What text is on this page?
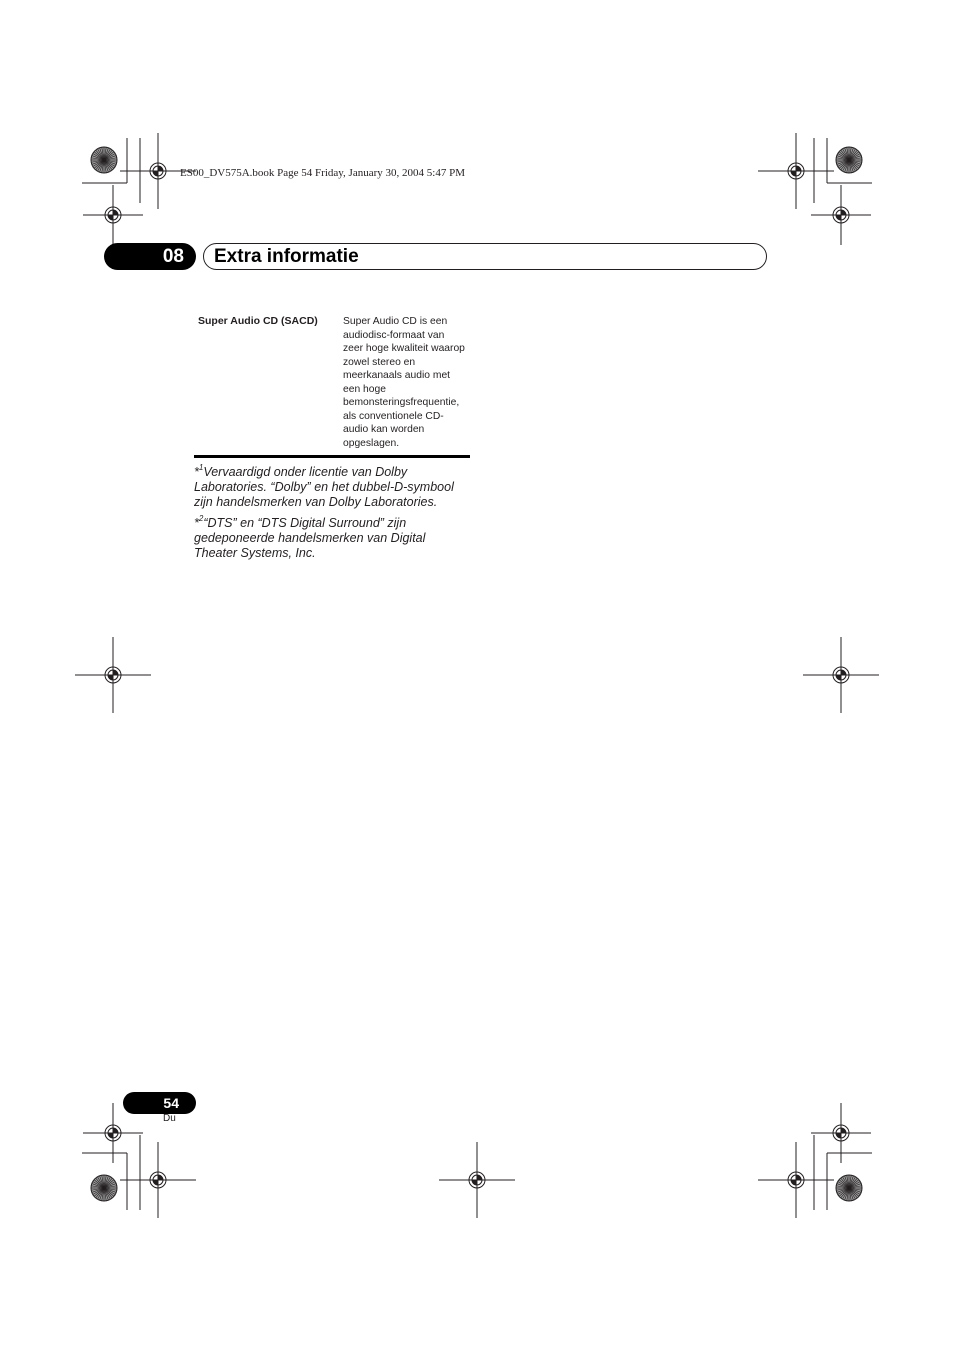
ES00_DV575A.book Page 54 Friday, January 30, 2004 5:47 PM
08	Extra informatie
Super Audio CD (SACD) Super Audio CD is een
audiodisc-formaat van
zeer hoge kwaliteit waarop
zowel stereo en
meerkanaals audio met
een hoge
bemonsteringsfrequentie,
als conventionele CD-
audio kan worden
opgeslagen.
*$^1$Vervaardigd onder licentie van Dolby
Laboratories. “Dolby” en het dubbel-D-symbool
zijn handelsmerken van Dolby Laboratories.
*$^2$“DTS” en “DTS Digital Surround” zijn
gedeponeerde handelsmerken van Digital
Theater Systems, Inc.
54
Du
